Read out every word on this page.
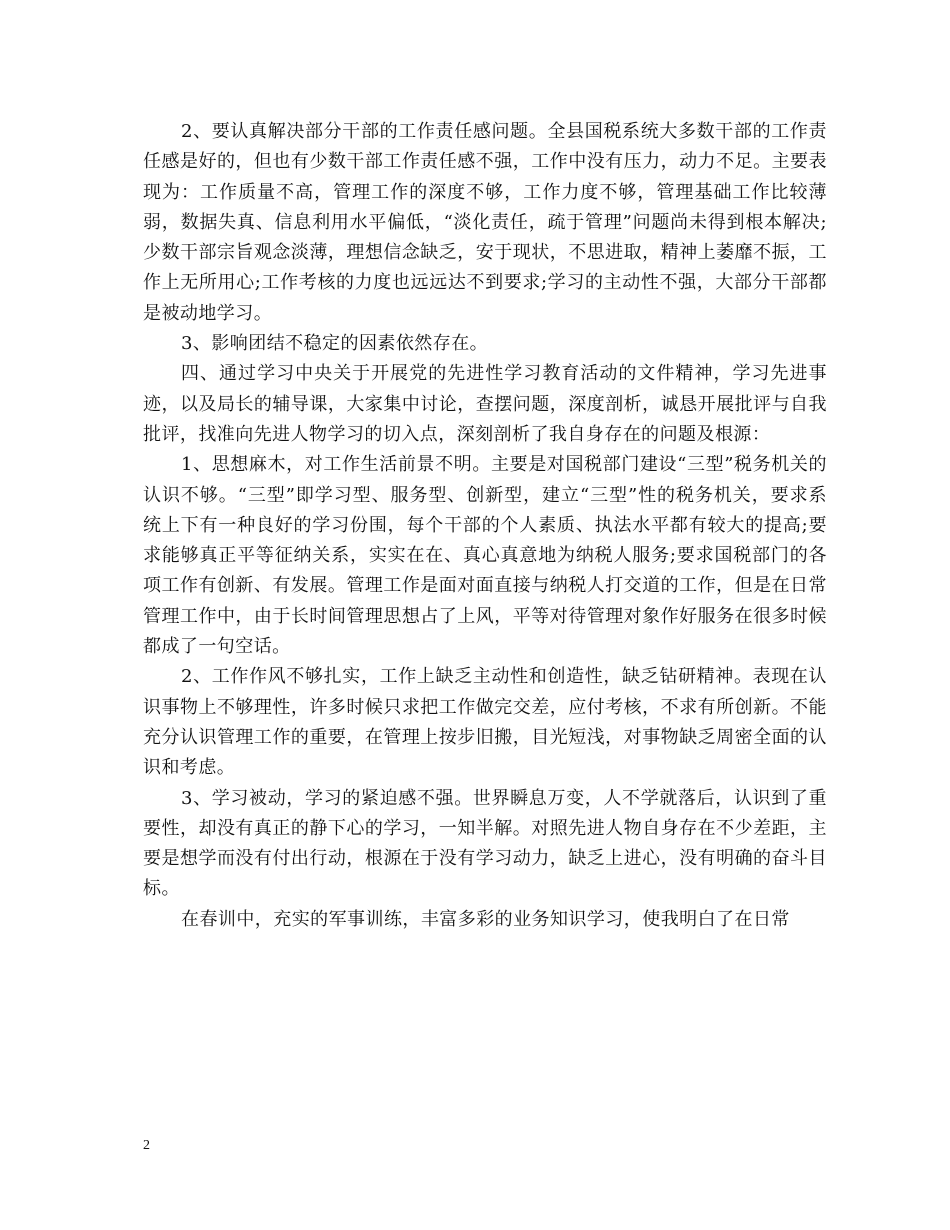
2、要认真解决部分干部的工作责任感问题。全县国税系统大多数干部的工作责任感是好的，但也有少数干部工作责任感不强，工作中没有压力，动力不足。主要表现为：工作质量不高，管理工作的深度不够，工作力度不够，管理基础工作比较薄弱，数据失真、信息利用水平偏低，“淡化责任，疏于管理”问题尚未得到根本解决;少数干部宗旨观念淡薄，理想信念缺乏，安于现状，不思进取，精神上萎靡不振，工作上无所用心;工作考核的力度也远远达不到要求;学习的主动性不强，大部分干部都是被动地学习。

3、影响团结不稳定的因素依然存在。

四、通过学习中央关于开展党的先进性学习教育活动的文件精神，学习先进事迹，以及局长的辅导课，大家集中讨论，查摆问题，深度剖析，诚恳开展批评与自我批评，找准向先进人物学习的切入点，深刻剖析了我自身存在的问题及根源：

1、思想麻木，对工作生活前景不明。主要是对国税部门建设“三型”税务机关的认识不够。“三型”即学习型、服务型、创新型，建立“三型”性的税务机关，要求系统上下有一种良好的学习份围，每个干部的个人素质、执法水平都有较大的提高;要求能够真正平等征纳关系，实实在在、真心真意地为纳税人服务;要求国税部门的各项工作有创新、有发展。管理工作是面对面直接与纳税人打交道的工作，但是在日常管理工作中，由于长时间管理思想占了上风，平等对待管理对象作好服务在很多时候都成了一句空话。

2、工作作风不够扎实，工作上缺乏主动性和创造性，缺乏钻研精神。表现在认识事物上不够理性，许多时候只求把工作做完交差，应付考核，不求有所创新。不能充分认识管理工作的重要，在管理上按步旧搬，目光短浅，对事物缺乏周密全面的认识和考虑。

3、学习被动，学习的紧迫感不强。世界瞬息万变，人不学就落后，认识到了重要性，却没有真正的静下心的学习，一知半解。对照先进人物自身存在不少差距，主要是想学而没有付出行动，根源在于没有学习动力，缺乏上进心，没有明确的奋斗目标。

在春训中，充实的军事训练，丰富多彩的业务知识学习，使我明白了在日常

2
